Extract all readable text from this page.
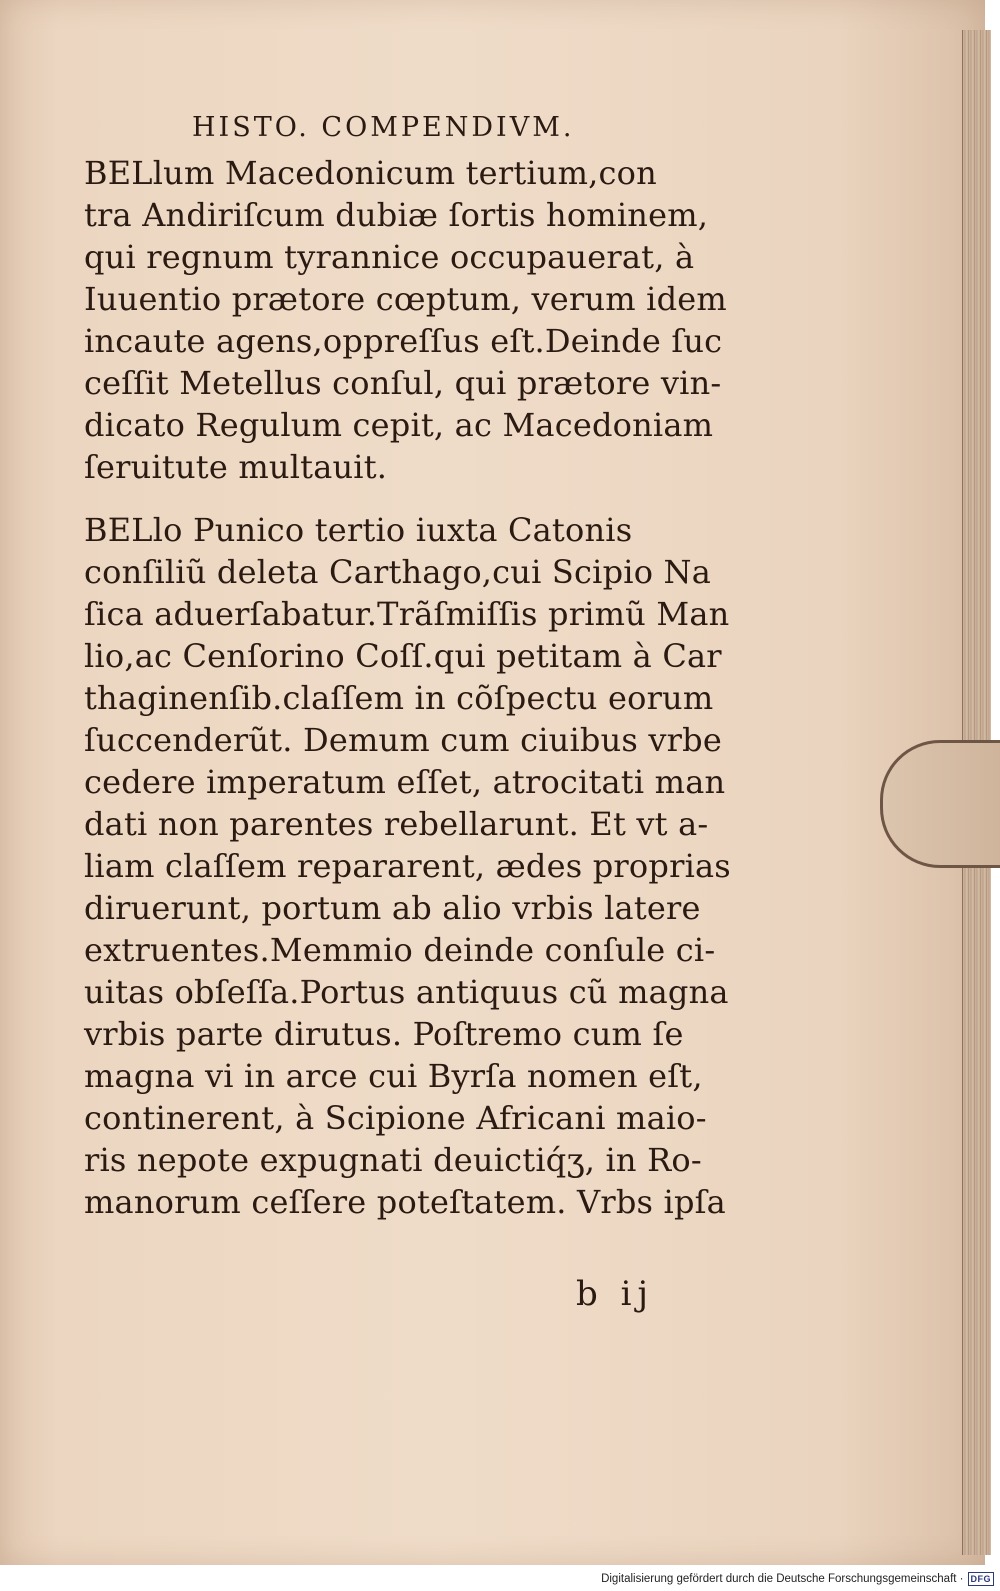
HISTO. COMPENDIVM.
BELlum Macedonicum tertium,con
tra Andiriſcum dubiæ ſortis hominem,
qui regnum tyrannice occupauerat, à
Iuuentio prætore cœptum, verum idem
incaute agens,oppreſſus eſt.Deinde ſuc
ceſſit Metellus conſul, qui prætore vin-
dicato Regulum cepit, ac Macedoniam
ſeruitute multauit.
BELlo Punico tertio iuxta Catonis
conſiliũ deleta Carthago,cui Scipio Na
ſica aduerſabatur.Trãſmiſſis primũ Man
lio,ac Cenſorino Coſſ.qui petitam à Car
thaginenſib.claſſem in cõſpectu eorum
ſuccenderũt. Demum cum ciuibus vrbe
cedere imperatum eſſet, atrocitati man
dati non parentes rebellarunt. Et vt a-
liam claſſem repararent, ædes proprias
diruerunt, portum ab alio vrbis latere
extruentes.Memmio deinde conſule ci-
uitas obſeſſa.Portus antiquus cũ magna
vrbis parte dirutus. Poſtremo cum ſe
magna vi in arce cui Byrſa nomen eſt,
continerent, à Scipione Africani maio-
ris nepote expugnati deuictiq́ʒ, in Ro-
manorum ceſſere poteſtatem. Vrbs ipſa
b ij
Digitalisierung gefördert durch die Deutsche Forschungsgemeinschaft · DFG
